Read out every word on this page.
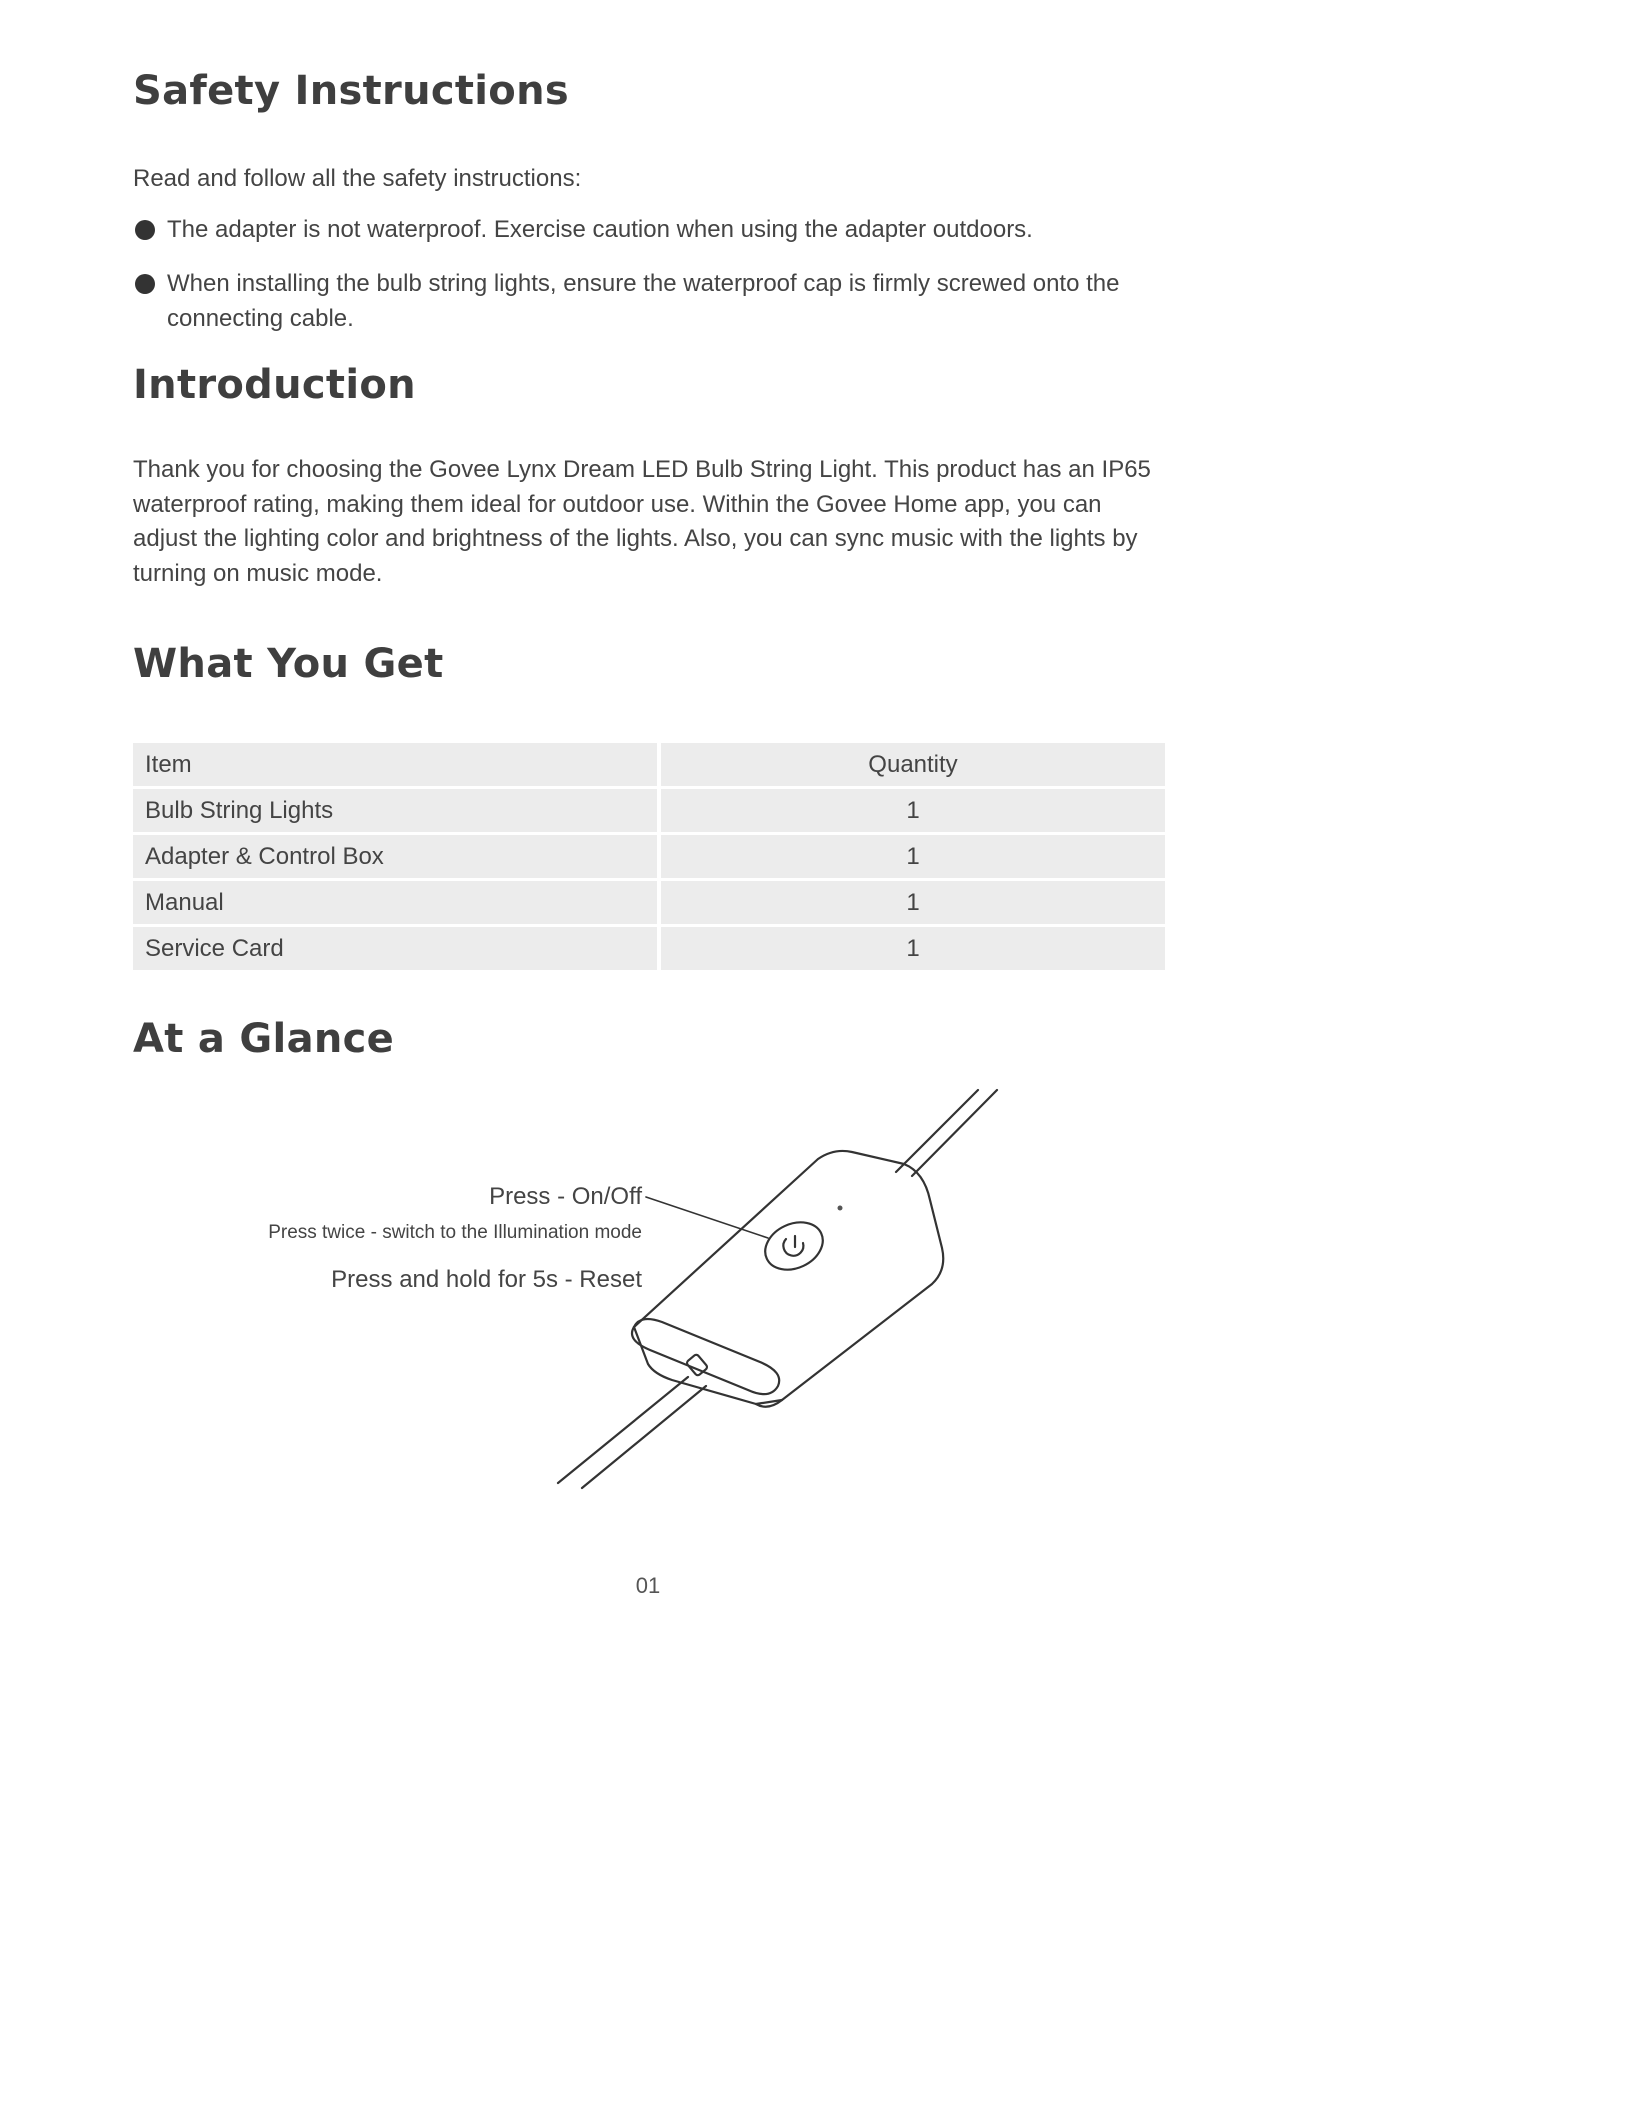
Safety Instructions

Read and follow all the safety instructions:

The adapter is not waterproof. Exercise caution when using the adapter outdoors.
When installing the bulb string lights, ensure the waterproof cap is firmly screwed onto the connecting cable.
Introduction

Thank you for choosing the Govee Lynx Dream LED Bulb String Light. This product has an IP65 waterproof rating, making them ideal for outdoor use. Within the Govee Home app, you can adjust the lighting color and brightness of the lights. Also, you can sync music with the lights by turning on music mode.

What You Get
Item	Quantity
Bulb String Lights	1
Adapter & Control Box	1
Manual	1
Service Card	1
At a Glance
Press - On/Off
Press twice - switch to the Illumination mode
Press and hold for 5s - Reset
01
